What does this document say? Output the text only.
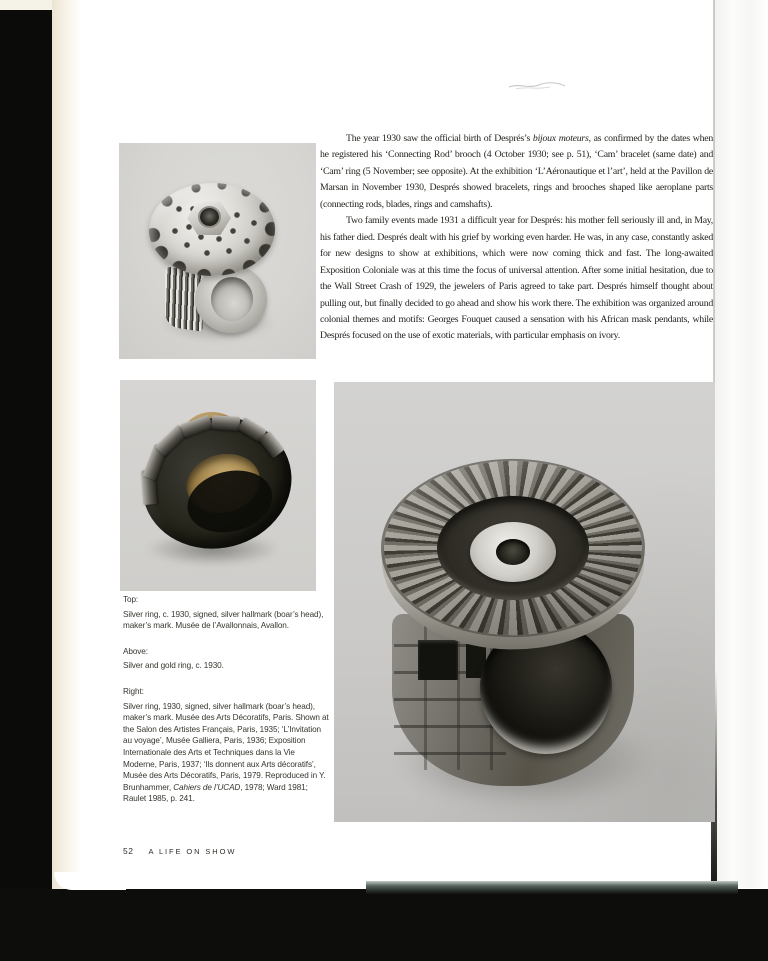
The year 1930 saw the official birth of Després’s bijoux moteurs, as confirmed by the dates when he registered his ‘Connecting Rod’ brooch (4 October 1930; see p. 51), ‘Cam’ bracelet (same date) and ‘Cam’ ring (5 November; see opposite). At the exhibition ‘L’Aéronautique et l’art’, held at the Pavillon de Marsan in November 1930, Després showed bracelets, rings and brooches shaped like aeroplane parts (connecting rods, blades, rings and camshafts).

Two family events made 1931 a difficult year for Després: his mother fell seriously ill and, in May, his father died. Després dealt with his grief by working even harder. He was, in any case, constantly asked for new designs to show at exhibitions, which were now coming thick and fast. The long-awaited Exposition Coloniale was at this time the focus of universal attention. After some initial hesitation, due to the Wall Street Crash of 1929, the jewelers of Paris agreed to take part. Després himself thought about pulling out, but finally decided to go ahead and show his work there. The exhibition was organized around colonial themes and motifs: Georges Fouquet caused a sensation with his African mask pendants, while Després focused on the use of exotic materials, with particular emphasis on ivory.

Top:

Silver ring, c. 1930, signed, silver hallmark (boar’s head), maker’s mark. Musée de l’Avallonnais, Avallon.

Above:

Silver and gold ring, c. 1930.

Right:

Silver ring, 1930, signed, silver hallmark (boar’s head), maker’s mark. Musée des Arts Décoratifs, Paris. Shown at the Salon des Artistes Français, Paris, 1935; ‘L’Invitation au voyage’, Musée Galliera, Paris, 1936; Exposition Internationale des Arts et Techniques dans la Vie Moderne, Paris, 1937; ‘Ils donnent aux Arts décoratifs’, Musée des Arts Décoratifs, Paris, 1979. Reproduced in Y. Brunhammer, Cahiers de l’UCAD, 1978; Ward 1981; Raulet 1985, p. 241.

52 A LIFE ON SHOW
